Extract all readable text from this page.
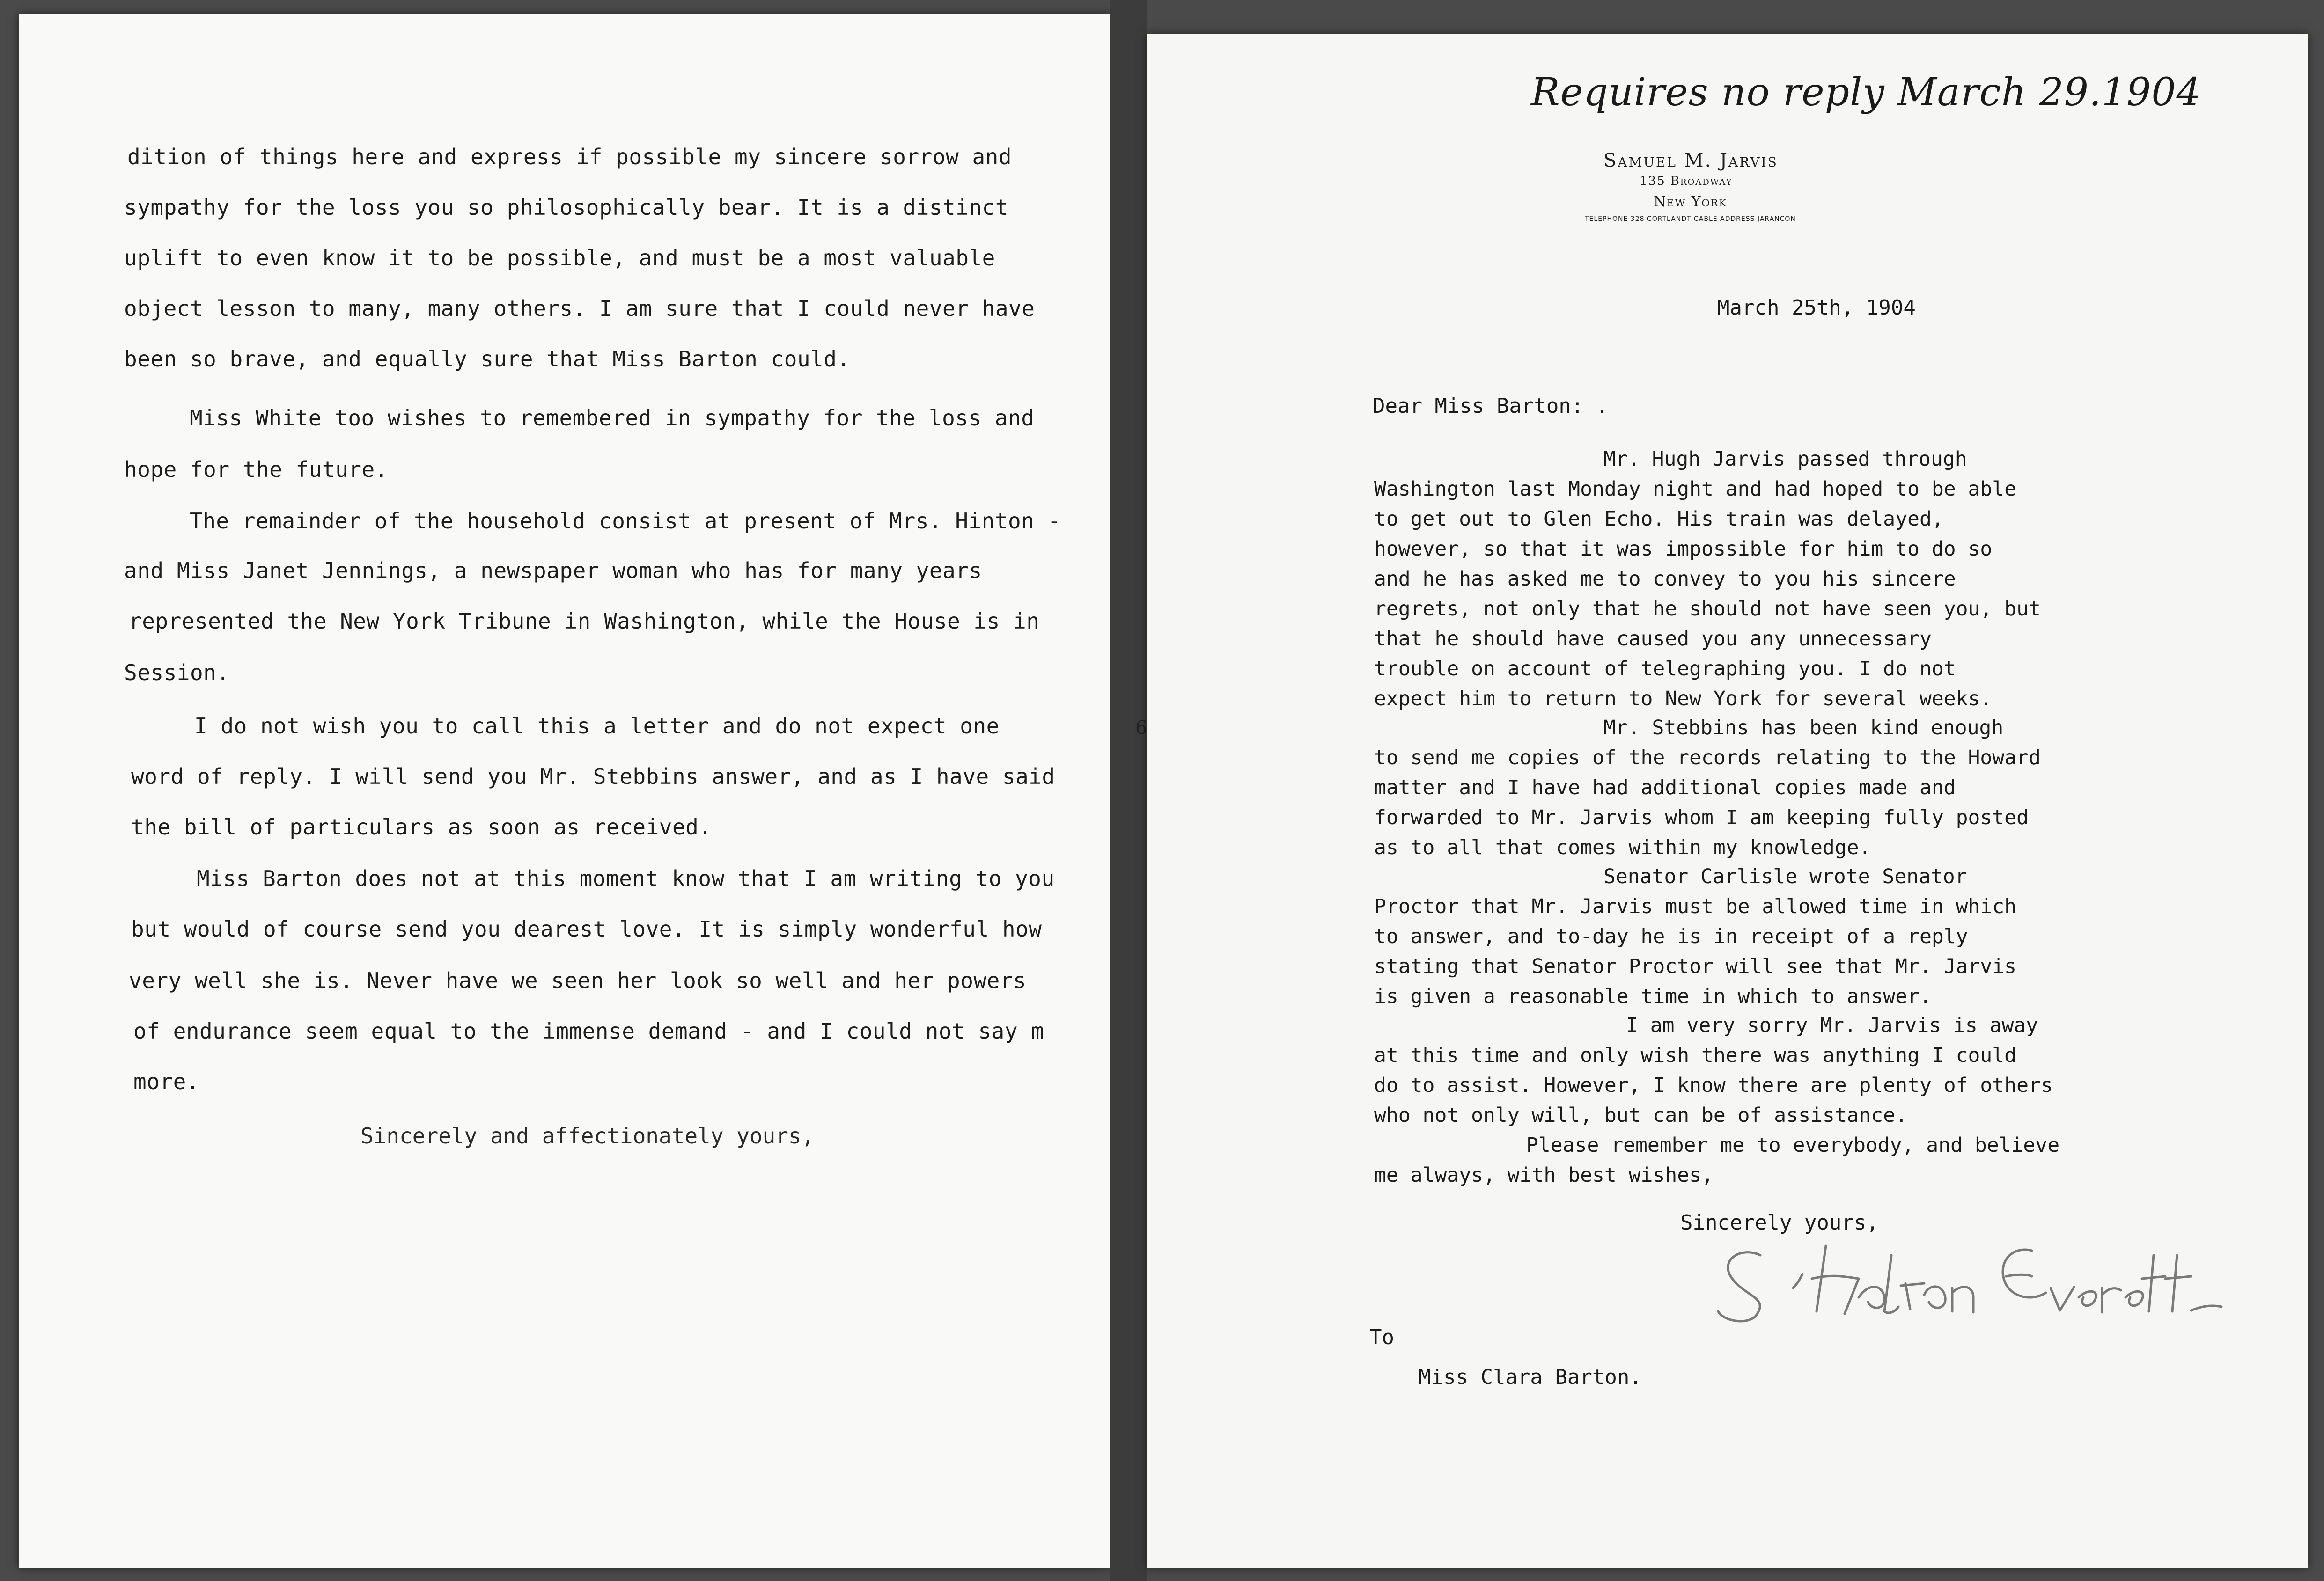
dition of things here and express if possible my sincere sorrow and
sympathy for the loss you so philosophically bear. It is a distinct
uplift to even know it to be possible, and must be a most valuable
object lesson to many, many others. I am sure that I could never have
been so brave, and equally sure that Miss Barton could.
Miss White too wishes to remembered in sympathy for the loss and
hope for the future.
The remainder of the household consist at present of Mrs. Hinton -
and Miss Janet Jennings, a newspaper woman who has for many years
represented the New York Tribune in Washington, while the House is in
Session.
I do not wish you to call this a letter and do not expect one
word of reply. I will send you Mr. Stebbins answer, and as I have said
the bill of particulars as soon as received.
Miss Barton does not at this moment know that I am writing to you
but would of course send you dearest love. It is simply wonderful how
very well she is. Never have we seen her look so well and her powers
of endurance seem equal to the immense demand - and I could not say m
more.
Sincerely and affectionately yours,
6
Requires no reply March 29.1904
Samuel M. Jarvis
135 Broadway
New York
TELEPHONE 328 CORTLANDT CABLE ADDRESS JARANCON
March 25th, 1904
Dear Miss Barton: .
Mr. Hugh Jarvis passed through
Washington last Monday night and had hoped to be able
to get out to Glen Echo. His train was delayed,
however, so that it was impossible for him to do so
and he has asked me to convey to you his sincere
regrets, not only that he should not have seen you, but
that he should have caused you any unnecessary
trouble on account of telegraphing you. I do not
expect him to return to New York for several weeks.
Mr. Stebbins has been kind enough
to send me copies of the records relating to the Howard
matter and I have had additional copies made and
forwarded to Mr. Jarvis whom I am keeping fully posted
as to all that comes within my knowledge.
Senator Carlisle wrote Senator
Proctor that Mr. Jarvis must be allowed time in which
to answer, and to-day he is in receipt of a reply
stating that Senator Proctor will see that Mr. Jarvis
is given a reasonable time in which to answer.
I am very sorry Mr. Jarvis is away
at this time and only wish there was anything I could
do to assist. However, I know there are plenty of others
who not only will, but can be of assistance.
Please remember me to everybody, and believe
me always, with best wishes,
Sincerely yours,
To
Miss Clara Barton.
